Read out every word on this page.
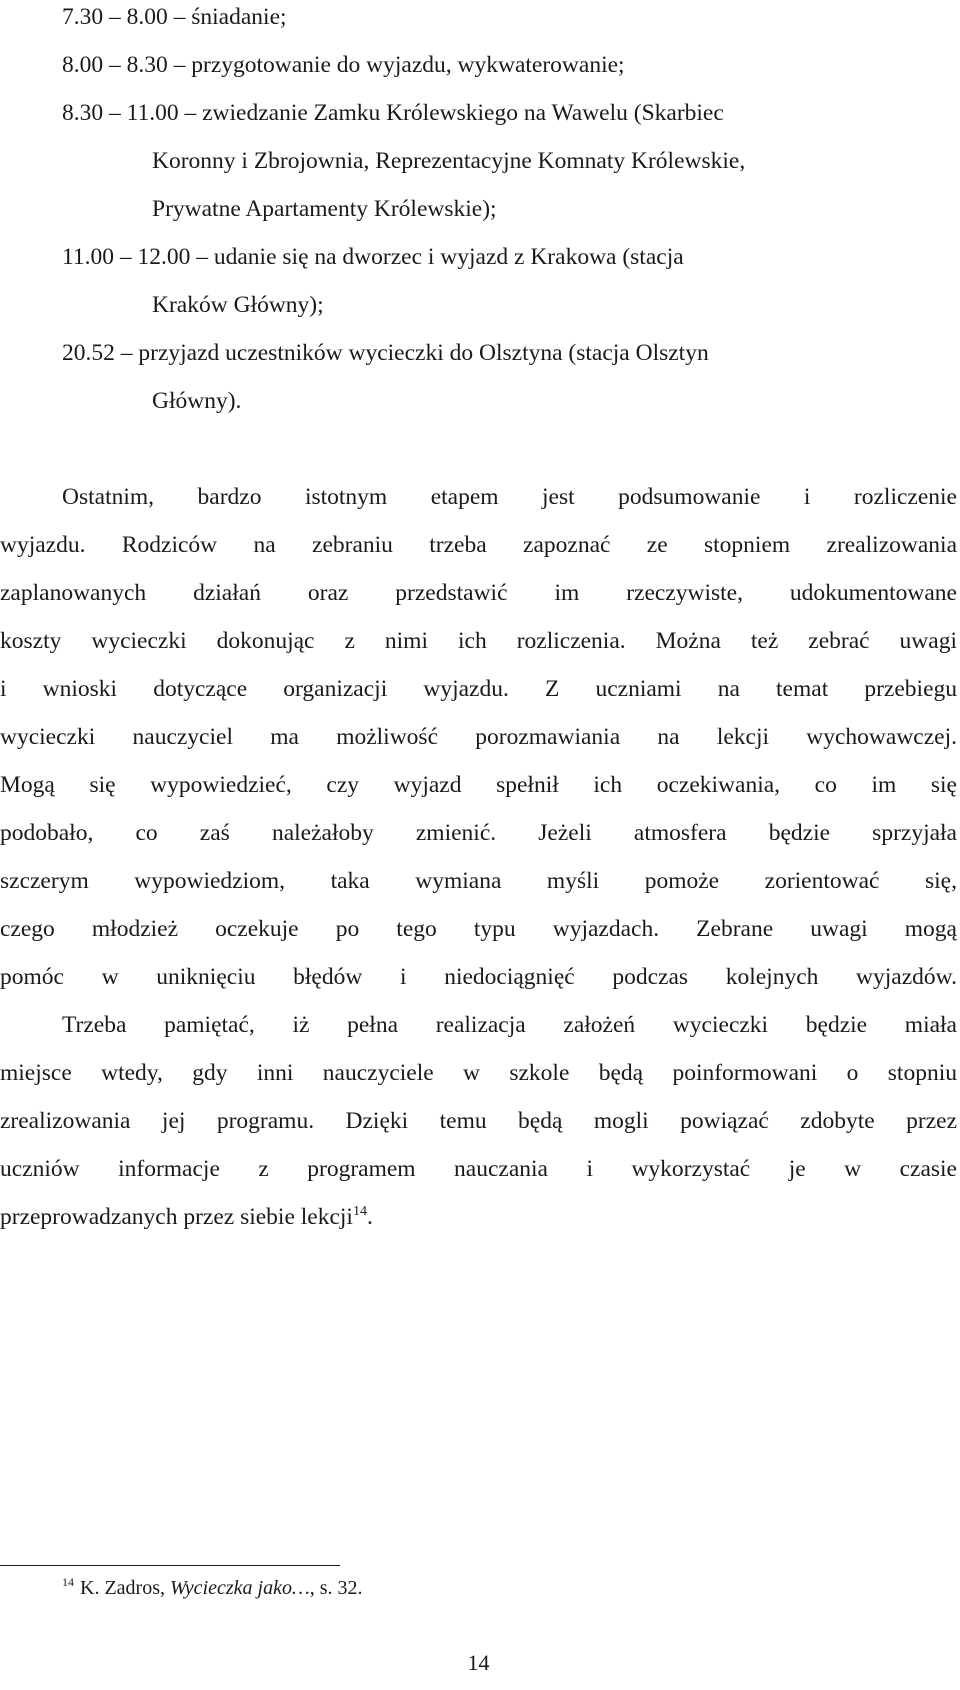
7.30 – 8.00 – śniadanie;
8.00 – 8.30 – przygotowanie do wyjazdu, wykwaterowanie;
8.30 – 11.00 – zwiedzanie Zamku Królewskiego na Wawelu (Skarbiec
Koronny i Zbrojownia, Reprezentacyjne Komnaty Królewskie,
Prywatne Apartamenty Królewskie);
11.00 – 12.00 – udanie się na dworzec i wyjazd z Krakowa (stacja
Kraków Główny);
20.52 – przyjazd uczestników wycieczki do Olsztyna (stacja Olsztyn
Główny).
Ostatnim, bardzo istotnym etapem jest podsumowanie i rozliczenie
wyjazdu. Rodziców na zebraniu trzeba zapoznać ze stopniem zrealizowania
zaplanowanych działań oraz przedstawić im rzeczywiste, udokumentowane
koszty wycieczki dokonując z nimi ich rozliczenia. Można też zebrać uwagi
i wnioski dotyczące organizacji wyjazdu. Z uczniami na temat przebiegu
wycieczki nauczyciel ma możliwość porozmawiania na lekcji wychowawczej.
Mogą się wypowiedzieć, czy wyjazd spełnił ich oczekiwania, co im się
podobało, co zaś należałoby zmienić. Jeżeli atmosfera będzie sprzyjała
szczerym wypowiedziom, taka wymiana myśli pomoże zorientować się,
czego młodzież oczekuje po tego typu wyjazdach. Zebrane uwagi mogą
pomóc w uniknięciu błędów i niedociągnięć podczas kolejnych wyjazdów.
Trzeba pamiętać, iż pełna realizacja założeń wycieczki będzie miała
miejsce wtedy, gdy inni nauczyciele w szkole będą poinformowani o stopniu
zrealizowania jej programu. Dzięki temu będą mogli powiązać zdobyte przez
uczniów informacje z programem nauczania i wykorzystać je w czasie
przeprowadzanych przez siebie lekcji$^{14}$.
$^{14}$ K. Zadros, Wycieczka jako…, s. 32.
14
